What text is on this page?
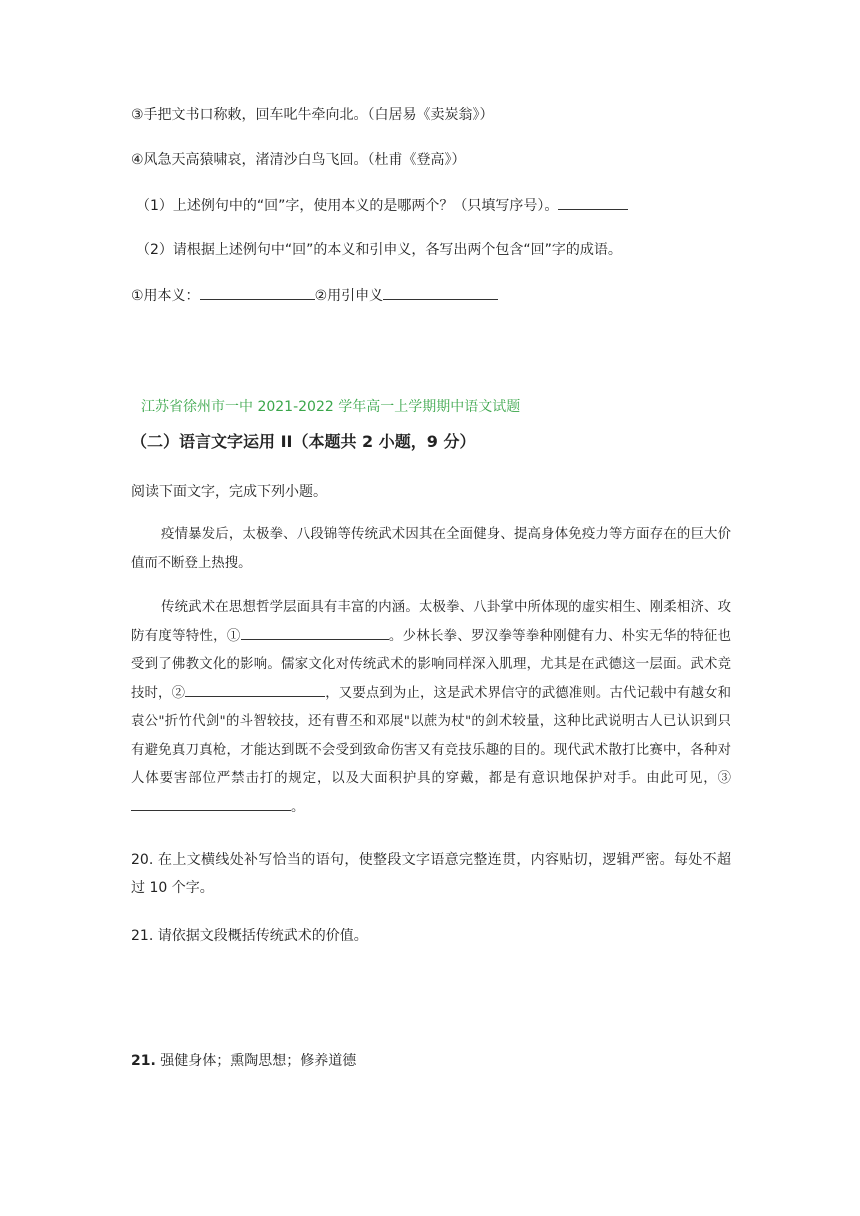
③手把文书口称敕，回车叱牛牵向北。（白居易《卖炭翁》）
④风急天高猿啸哀，渚清沙白鸟飞回。（杜甫《登高》）
（1）上述例句中的“回”字，使用本义的是哪两个？（只填写序号）。
（2）请根据上述例句中“回”的本义和引申义，各写出两个包含“回”字的成语。
①用本义：	②用引申义
江苏省徐州市一中 2021-2022 学年高一上学期期中语文试题
（二）语言文字运用 II（本题共 2 小题，9 分）
阅读下面文字，完成下列小题。
疫情暴发后，太极拳、八段锦等传统武术因其在全面健身、提高身体免疫力等方面存在的巨大价值而不断登上热搜。
传统武术在思想哲学层面具有丰富的内涵。太极拳、八卦掌中所体现的虚实相生、刚柔相济、攻防有度等特性，①	。少林长拳、罗汉拳等拳种刚健有力、朴实无华的特征也受到了佛教文化的影响。儒家文化对传统武术的影响同样深入肌理，尤其是在武德这一层面。武术竞技时，②	，又要点到为止，这是武术界信守的武德准则。古代记载中有越女和袁公"折竹代剑"的斗智较技，还有曹丕和邓展"以蔗为杖"的剑术较量，这种比武说明古人已认识到只有避免真刀真枪，才能达到既不会受到致命伤害又有竞技乐趣的目的。现代武术散打比赛中，各种对人体要害部位严禁击打的规定，以及大面积护具的穿戴，都是有意识地保护对手。由此可见，③。
20. 在上文横线处补写恰当的语句，使整段文字语意完整连贯，内容贴切，逻辑严密。每处不超过 10 个字。
21. 请依据文段概括传统武术的价值。
21. 强健身体；熏陶思想；修养道德
